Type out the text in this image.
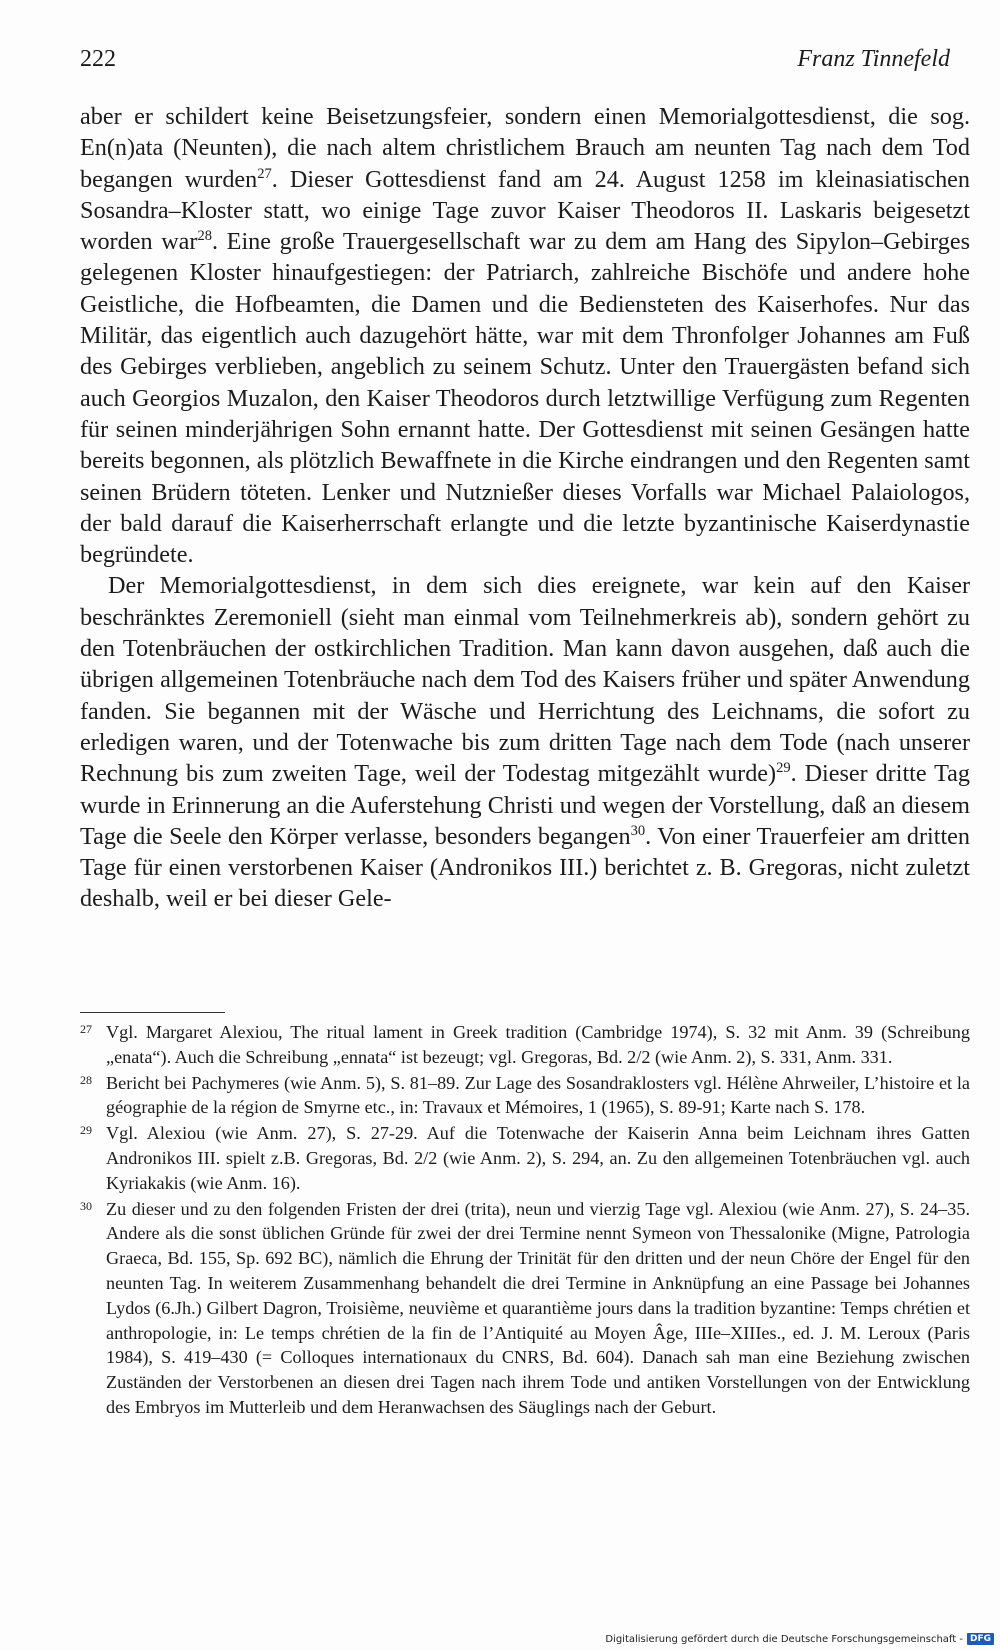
222	Franz Tinnefeld

aber er schildert keine Beisetzungsfeier, sondern einen Memorialgottesdienst, die sog. En(n)ata (Neunten), die nach altem christlichem Brauch am neunten Tag nach dem Tod begangen wurden$^{27}$. Dieser Gottesdienst fand am 24. August 1258 im kleinasiatischen Sosandra–Kloster statt, wo einige Tage zuvor Kaiser Theodoros II. Laskaris beigesetzt worden war$^{28}$. Eine große Trauergesellschaft war zu dem am Hang des Sipylon–Gebirges gelegenen Kloster hinaufgestiegen: der Patriarch, zahlreiche Bischöfe und andere hohe Geistliche, die Hofbeamten, die Damen und die Bediensteten des Kaiserhofes. Nur das Militär, das eigentlich auch dazugehört hätte, war mit dem Thronfolger Johannes am Fuß des Gebirges verblieben, angeblich zu seinem Schutz. Unter den Trauergästen befand sich auch Georgios Muzalon, den Kaiser Theodoros durch letztwillige Verfügung zum Regenten für seinen minderjährigen Sohn ernannt hatte. Der Gottesdienst mit seinen Gesängen hatte bereits begonnen, als plötzlich Bewaffnete in die Kirche eindrangen und den Regenten samt seinen Brüdern töteten. Lenker und Nutznießer dieses Vorfalls war Michael Palaiologos, der bald darauf die Kaiserherrschaft erlangte und die letzte byzantinische Kaiserdynastie begründete.

Der Memorialgottesdienst, in dem sich dies ereignete, war kein auf den Kaiser beschränktes Zeremoniell (sieht man einmal vom Teilnehmerkreis ab), sondern gehört zu den Totenbräuchen der ostkirchlichen Tradition. Man kann davon ausgehen, daß auch die übrigen allgemeinen Totenbräuche nach dem Tod des Kaisers früher und später Anwendung fanden. Sie begannen mit der Wäsche und Herrichtung des Leichnams, die sofort zu erledigen waren, und der Totenwache bis zum dritten Tage nach dem Tode (nach unserer Rechnung bis zum zweiten Tage, weil der Todestag mitgezählt wurde)$^{29}$. Dieser dritte Tag wurde in Erinnerung an die Auferstehung Christi und wegen der Vorstellung, daß an diesem Tage die Seele den Körper verlasse, besonders begangen$^{30}$. Von einer Trauerfeier am dritten Tage für einen verstorbenen Kaiser (Andronikos III.) berichtet z. B. Gregoras, nicht zuletzt deshalb, weil er bei dieser Gele-

27 Vgl. Margaret Alexiou, The ritual lament in Greek tradition (Cambridge 1974), S. 32 mit Anm. 39 (Schreibung „enata“). Auch die Schreibung „ennata“ ist bezeugt; vgl. Gregoras, Bd. 2/2 (wie Anm. 2), S. 331, Anm. 331.
28 Bericht bei Pachymeres (wie Anm. 5), S. 81–89. Zur Lage des Sosandraklosters vgl. Hélène Ahrweiler, L’histoire et la géographie de la région de Smyrne etc., in: Travaux et Mémoires, 1 (1965), S. 89-91; Karte nach S. 178.
29 Vgl. Alexiou (wie Anm. 27), S. 27-29. Auf die Totenwache der Kaiserin Anna beim Leichnam ihres Gatten Andronikos III. spielt z.B. Gregoras, Bd. 2/2 (wie Anm. 2), S. 294, an. Zu den allgemeinen Totenbräuchen vgl. auch Kyriakakis (wie Anm. 16).
30 Zu dieser und zu den folgenden Fristen der drei (trita), neun und vierzig Tage vgl. Alexiou (wie Anm. 27), S. 24–35. Andere als die sonst üblichen Gründe für zwei der drei Termine nennt Symeon von Thessalonike (Migne, Patrologia Graeca, Bd. 155, Sp. 692 BC), nämlich die Ehrung der Trinität für den dritten und der neun Chöre der Engel für den neunten Tag. In weiterem Zusammenhang behandelt die drei Termine in Anknüpfung an eine Passage bei Johannes Lydos (6.Jh.) Gilbert Dagron, Troisième, neuvième et quarantième jours dans la tradition byzantine: Temps chrétien et anthropologie, in: Le temps chrétien de la fin de l’Antiquité au Moyen Âge, IIIe–XIIIes., ed. J. M. Leroux (Paris 1984), S. 419–430 (= Colloques internationaux du CNRS, Bd. 604). Danach sah man eine Beziehung zwischen Zuständen der Verstorbenen an diesen drei Tagen nach ihrem Tode und antiken Vorstellungen von der Entwicklung des Embryos im Mutterleib und dem Heranwachsen des Säuglings nach der Geburt.
Digitalisierung gefördert durch die Deutsche Forschungsgemeinschaft - DFG
